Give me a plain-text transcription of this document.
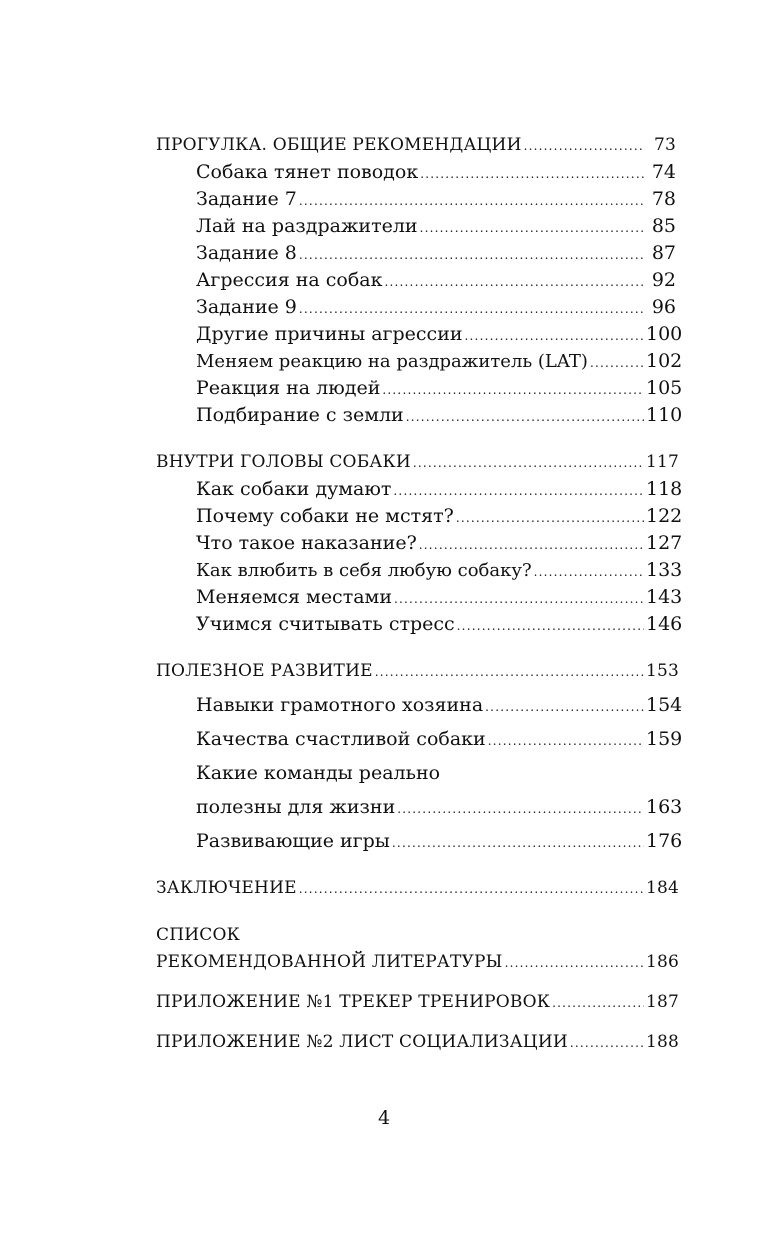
ПРОГУЛКА. ОБЩИЕ РЕКОМЕНДАЦИИ .....	73
Собака тянет поводок .....	74
Задание 7 .....	78
Лай на раздражители .....	85
Задание 8 .....	87
Агрессия на собак .....	92
Задание 9 .....	96
Другие причины агрессии .....	100
Меняем реакцию на раздражитель (LAT) .....	102
Реакция на людей .....	105
Подбирание с земли .....	110
ВНУТРИ ГОЛОВЫ СОБАКИ .....	117
Как собаки думают .....	118
Почему собаки не мстят? .....	122
Что такое наказание? .....	127
Как влюбить в себя любую собаку? .....	133
Меняемся местами .....	143
Учимся считывать стресс .....	146
ПОЛЕЗНОЕ РАЗВИТИЕ .....	153
Навыки грамотного хозяина .....	154
Качества счастливой собаки .....	159
Какие команды реально
полезны для жизни .....	163
Развивающие игры .....	176
ЗАКЛЮЧЕНИЕ .....	184
СПИСОК
РЕКОМЕНДОВАННОЙ ЛИТЕРАТУРЫ .....	186
ПРИЛОЖЕНИЕ №1 ТРЕКЕР ТРЕНИРОВОК .....	187
ПРИЛОЖЕНИЕ №2 ЛИСТ СОЦИАЛИЗАЦИИ .....	188
4
